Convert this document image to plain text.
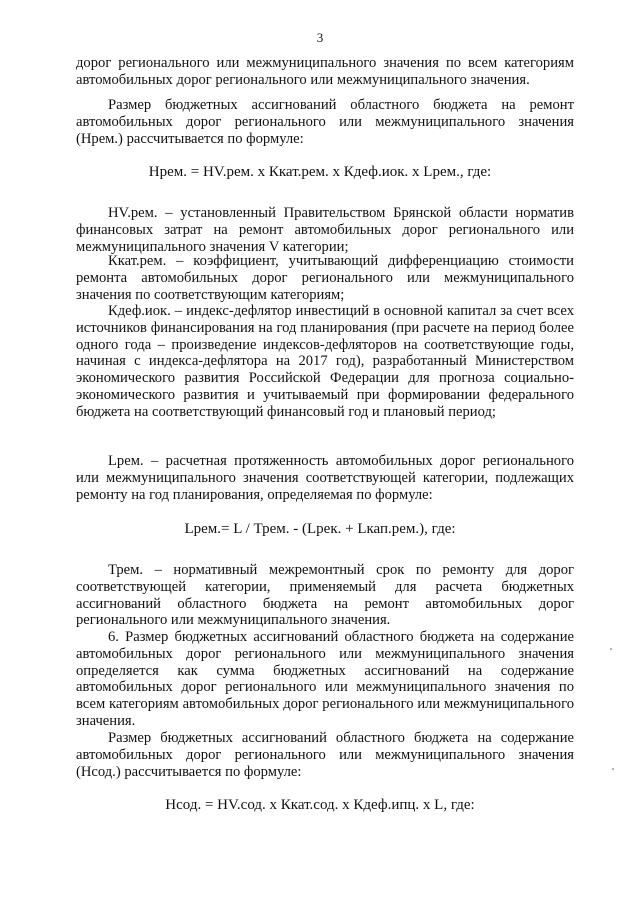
3

дорог регионального или межмуниципального значения по всем категориям автомобильных дорог регионального или межмуниципального значения.

Размер бюджетных ассигнований областного бюджета на ремонт автомобильных дорог регионального или межмуниципального значения (Нрем.) рассчитывается по формуле:

Нрем. = НV.рем. х Ккат.рем. х Кдеф.иок. х Lрем., где:

НV.рем. – установленный Правительством Брянской области норматив финансовых затрат на ремонт автомобильных дорог регионального или межмуниципального значения V категории;

Ккат.рем. – коэффициент, учитывающий дифференциацию стоимости ремонта автомобильных дорог регионального или межмуниципального значения по соответствующим категориям;

Кдеф.иок. – индекс-дефлятор инвестиций в основной капитал за счет всех источников финансирования на год планирования (при расчете на период более одного года – произведение индексов-дефляторов на соответствующие годы, начиная с индекса-дефлятора на 2017 год), разработанный Министерством экономического развития Российской Федерации для прогноза социально-экономического развития и учитываемый при формировании федерального бюджета на соответствующий финансовый год и плановый период;

Lрем. – расчетная протяженность автомобильных дорог регионального или межмуниципального значения соответствующей категории, подлежащих ремонту на год планирования, определяемая по формуле:

Lрем.= L / Трем. - (Lрек. + Lкап.рем.), где:

Трем. – нормативный межремонтный срок по ремонту для дорог соответствующей категории, применяемый для расчета бюджетных ассигнований областного бюджета на ремонт автомобильных дорог регионального или межмуниципального значения.

6. Размер бюджетных ассигнований областного бюджета на содержание автомобильных дорог регионального или межмуниципального значения определяется как сумма бюджетных ассигнований на содержание автомобильных дорог регионального или межмуниципального значения по всем категориям автомобильных дорог регионального или межмуниципального значения.

Размер бюджетных ассигнований областного бюджета на содержание автомобильных дорог регионального или межмуниципального значения (Нсод.) рассчитывается по формуле:

Нсод. = НV.сод. х Ккат.сод. х Кдеф.ипц. х L, где:
